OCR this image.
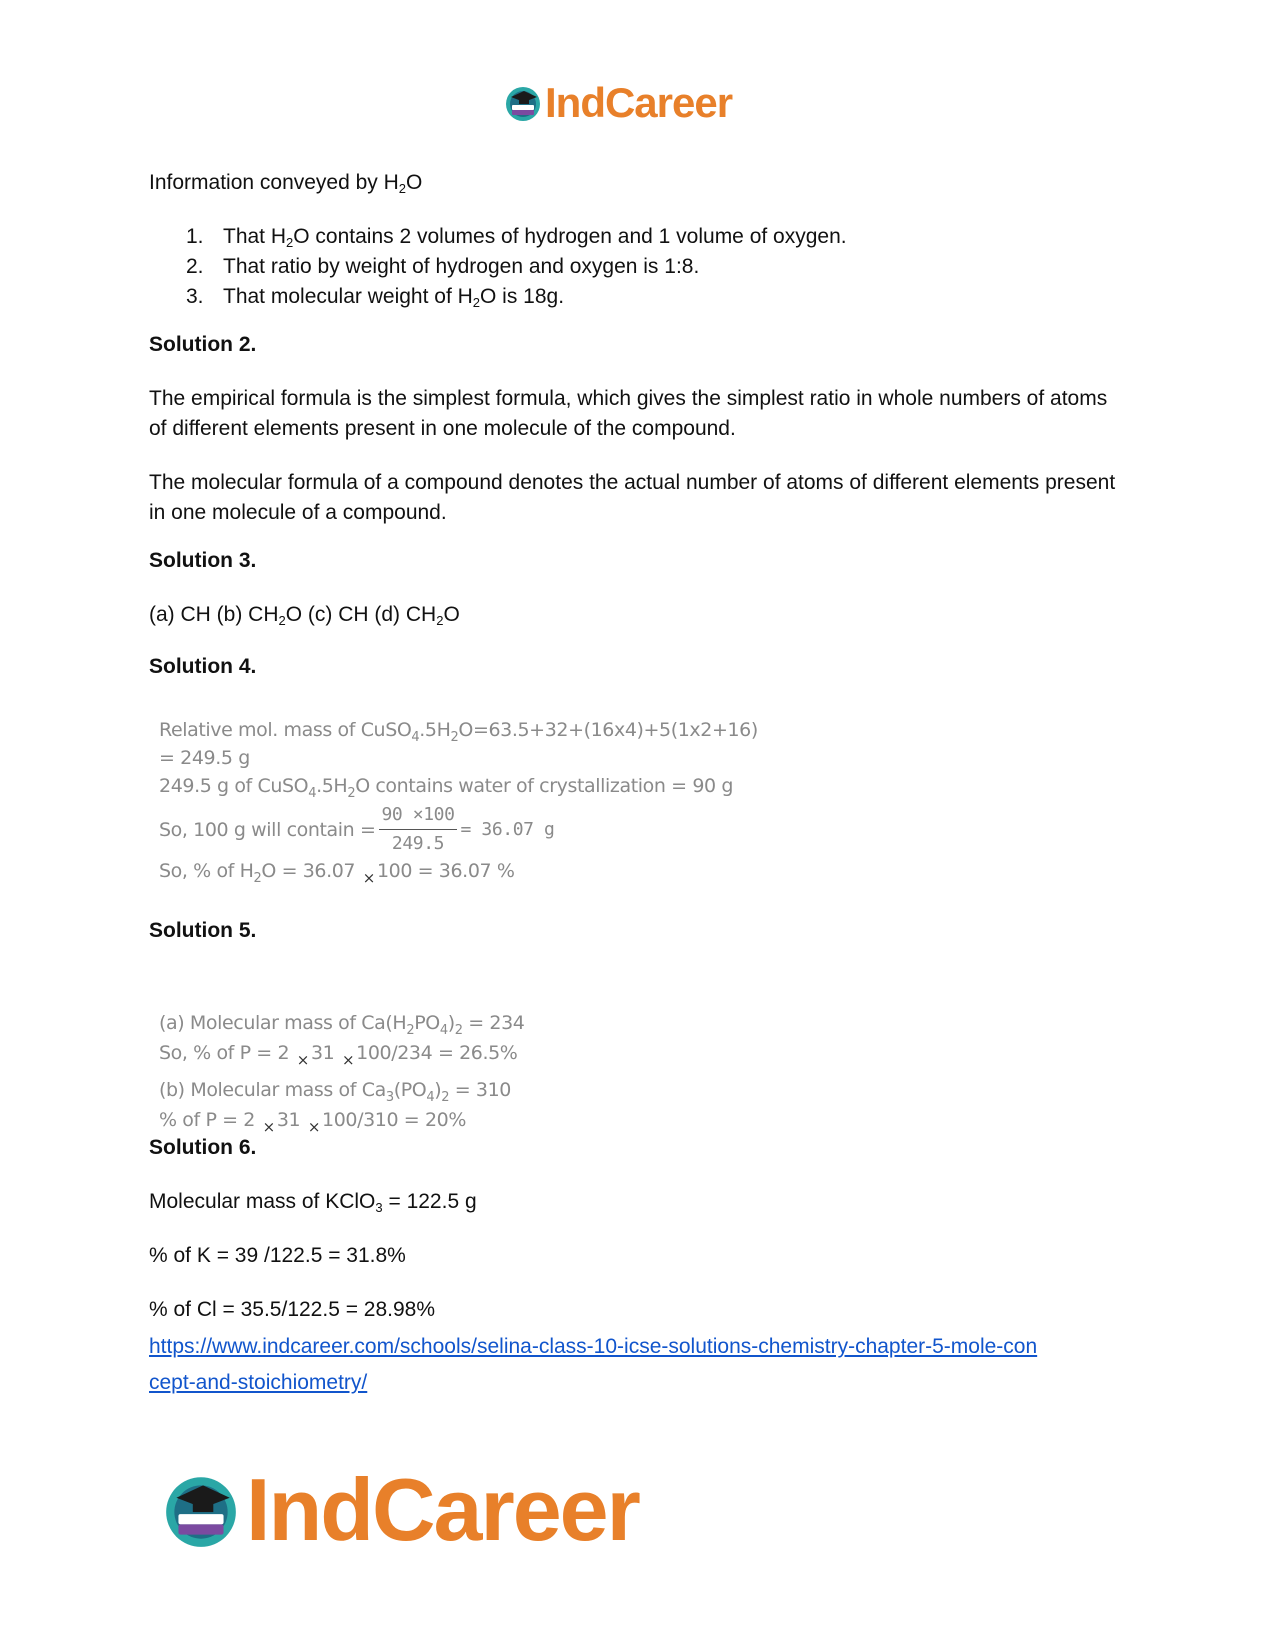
IndCareer

Information conveyed by $H_2O$

1. That $H_2O$ contains 2 volumes of hydrogen and 1 volume of oxygen.
2. That ratio by weight of hydrogen and oxygen is 1:8.
3. That molecular weight of $H_2O$ is 18g.

Solution 2.

The empirical formula is the simplest formula, which gives the simplest ratio in whole numbers of atoms of different elements present in one molecule of the compound.

The molecular formula of a compound denotes the actual number of atoms of different elements present in one molecule of a compound.

Solution 3.

(a) CH (b) $CH_2O$ (c) CH (d) $CH_2O$

Solution 4.

Relative mol. mass of $CuSO_4.5H_2O=63.5+32+(16x4)+5(1x2+16)$
= 249.5 g
249.5 g of $CuSO_4.5H_2O$ contains water of crystallization = 90 g
So, 100 g will contain = $\frac{90 \times 100}{249.5} = 36.07$ g
So, % of $H_2O = 36.07$ $_\times$ 100 = 36.07 %

Solution 5.

(a) Molecular mass of $Ca(H_2PO_4)_2 = 234$
So, % of P = 2 $_\times$ 31 $_\times$ 100/234 = 26.5%
(b) Molecular mass of $Ca_3(PO_4)_2 = 310$
% of P = 2 $_\times$ 31 $_\times$ 100/310 = 20%

Solution 6.

Molecular mass of KClO$_3$ = 122.5 g

% of K = 39 /122.5 = 31.8%

% of Cl = 35.5/122.5 = 28.98%

https://www.indcareer.com/schools/selina-class-10-icse-solutions-chemistry-chapter-5-mole-con
cept-and-stoichiometry/

IndCareer
